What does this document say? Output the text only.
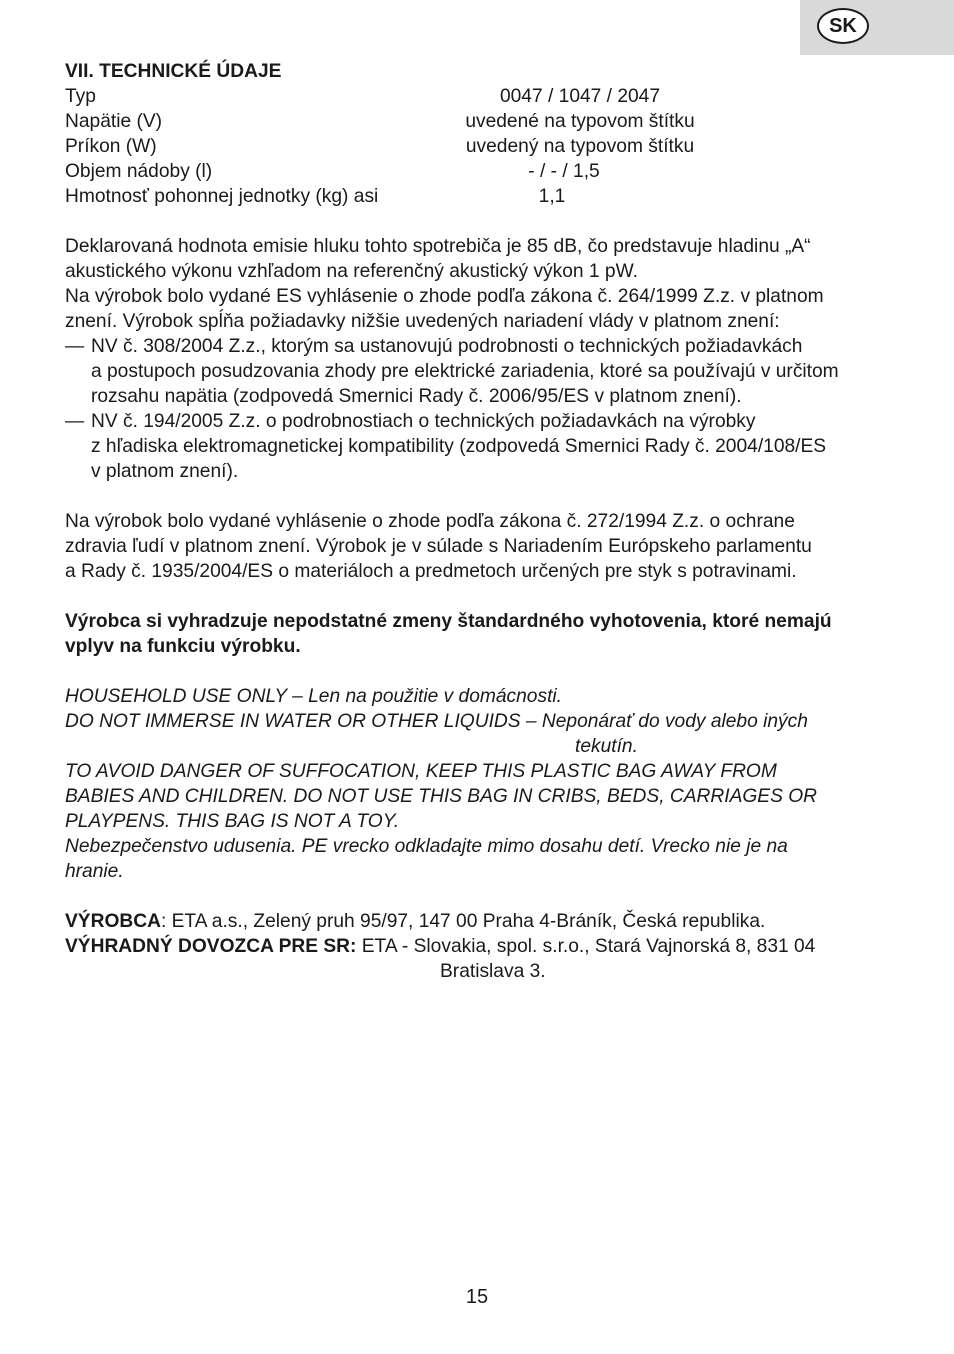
SK

VII. TECHNICKÉ ÚDAJE

Typ	0047 / 1047 / 2047
Napätie (V)	uvedené na typovom štítku
Príkon (W)	uvedený na typovom štítku
Objem nádoby (l)	- / - / 1,5
Hmotnosť pohonnej jednotky (kg) asi	1,1

Deklarovaná hodnota emisie hluku tohto spotrebiča je 85 dB, čo predstavuje hladinu „A“

akustického výkonu vzhľadom na referenčný akustický výkon 1 pW.

Na výrobok bolo vydané ES vyhlásenie o zhode podľa zákona č. 264/1999 Z.z. v platnom

znení. Výrobok spĺňa požiadavky nižšie uvedených nariadení vlády v platnom znení:

— NV č. 308/2004 Z.z., ktorým sa ustanovujú podrobnosti o technických požiadavkách

a postupoch posudzovania zhody pre elektrické zariadenia, ktoré sa používajú v určitom

rozsahu napätia (zodpovedá Smernici Rady č. 2006/95/ES v platnom znení).

— NV č. 194/2005 Z.z. o podrobnostiach o technických požiadavkách na výrobky

z hľadiska elektromagnetickej kompatibility (zodpovedá Smernici Rady č. 2004/108/ES

v platnom znení).

Na výrobok bolo vydané vyhlásenie o zhode podľa zákona č. 272/1994 Z.z. o ochrane

zdravia ľudí v platnom znení. Výrobok je v súlade s Nariadením Európskeho parlamentu

a Rady č. 1935/2004/ES o materiáloch a predmetoch určených pre styk s potravinami.

Výrobca si vyhradzuje nepodstatné zmeny štandardného vyhotovenia, ktoré nemajú

vplyv na funkciu výrobku.

HOUSEHOLD USE ONLY – Len na použitie v domácnosti.

DO NOT IMMERSE IN WATER OR OTHER LIQUIDS – Neponárať do vody alebo iných

tekutín.

TO AVOID DANGER OF SUFFOCATION, KEEP THIS PLASTIC BAG AWAY FROM

BABIES AND CHILDREN. DO NOT USE THIS BAG IN CRIBS, BEDS, CARRIAGES OR

PLAYPENS. THIS BAG IS NOT A TOY.

Nebezpečenstvo udusenia. PE vrecko odkladajte mimo dosahu detí. Vrecko nie je na

hranie.

VÝROBCA: ETA a.s., Zelený pruh 95/97, 147 00 Praha 4-Bráník, Česká republika.

VÝHRADNÝ DOVOZCA PRE SR: ETA - Slovakia, spol. s.r.o., Stará Vajnorská 8, 831 04

Bratislava 3.

15
